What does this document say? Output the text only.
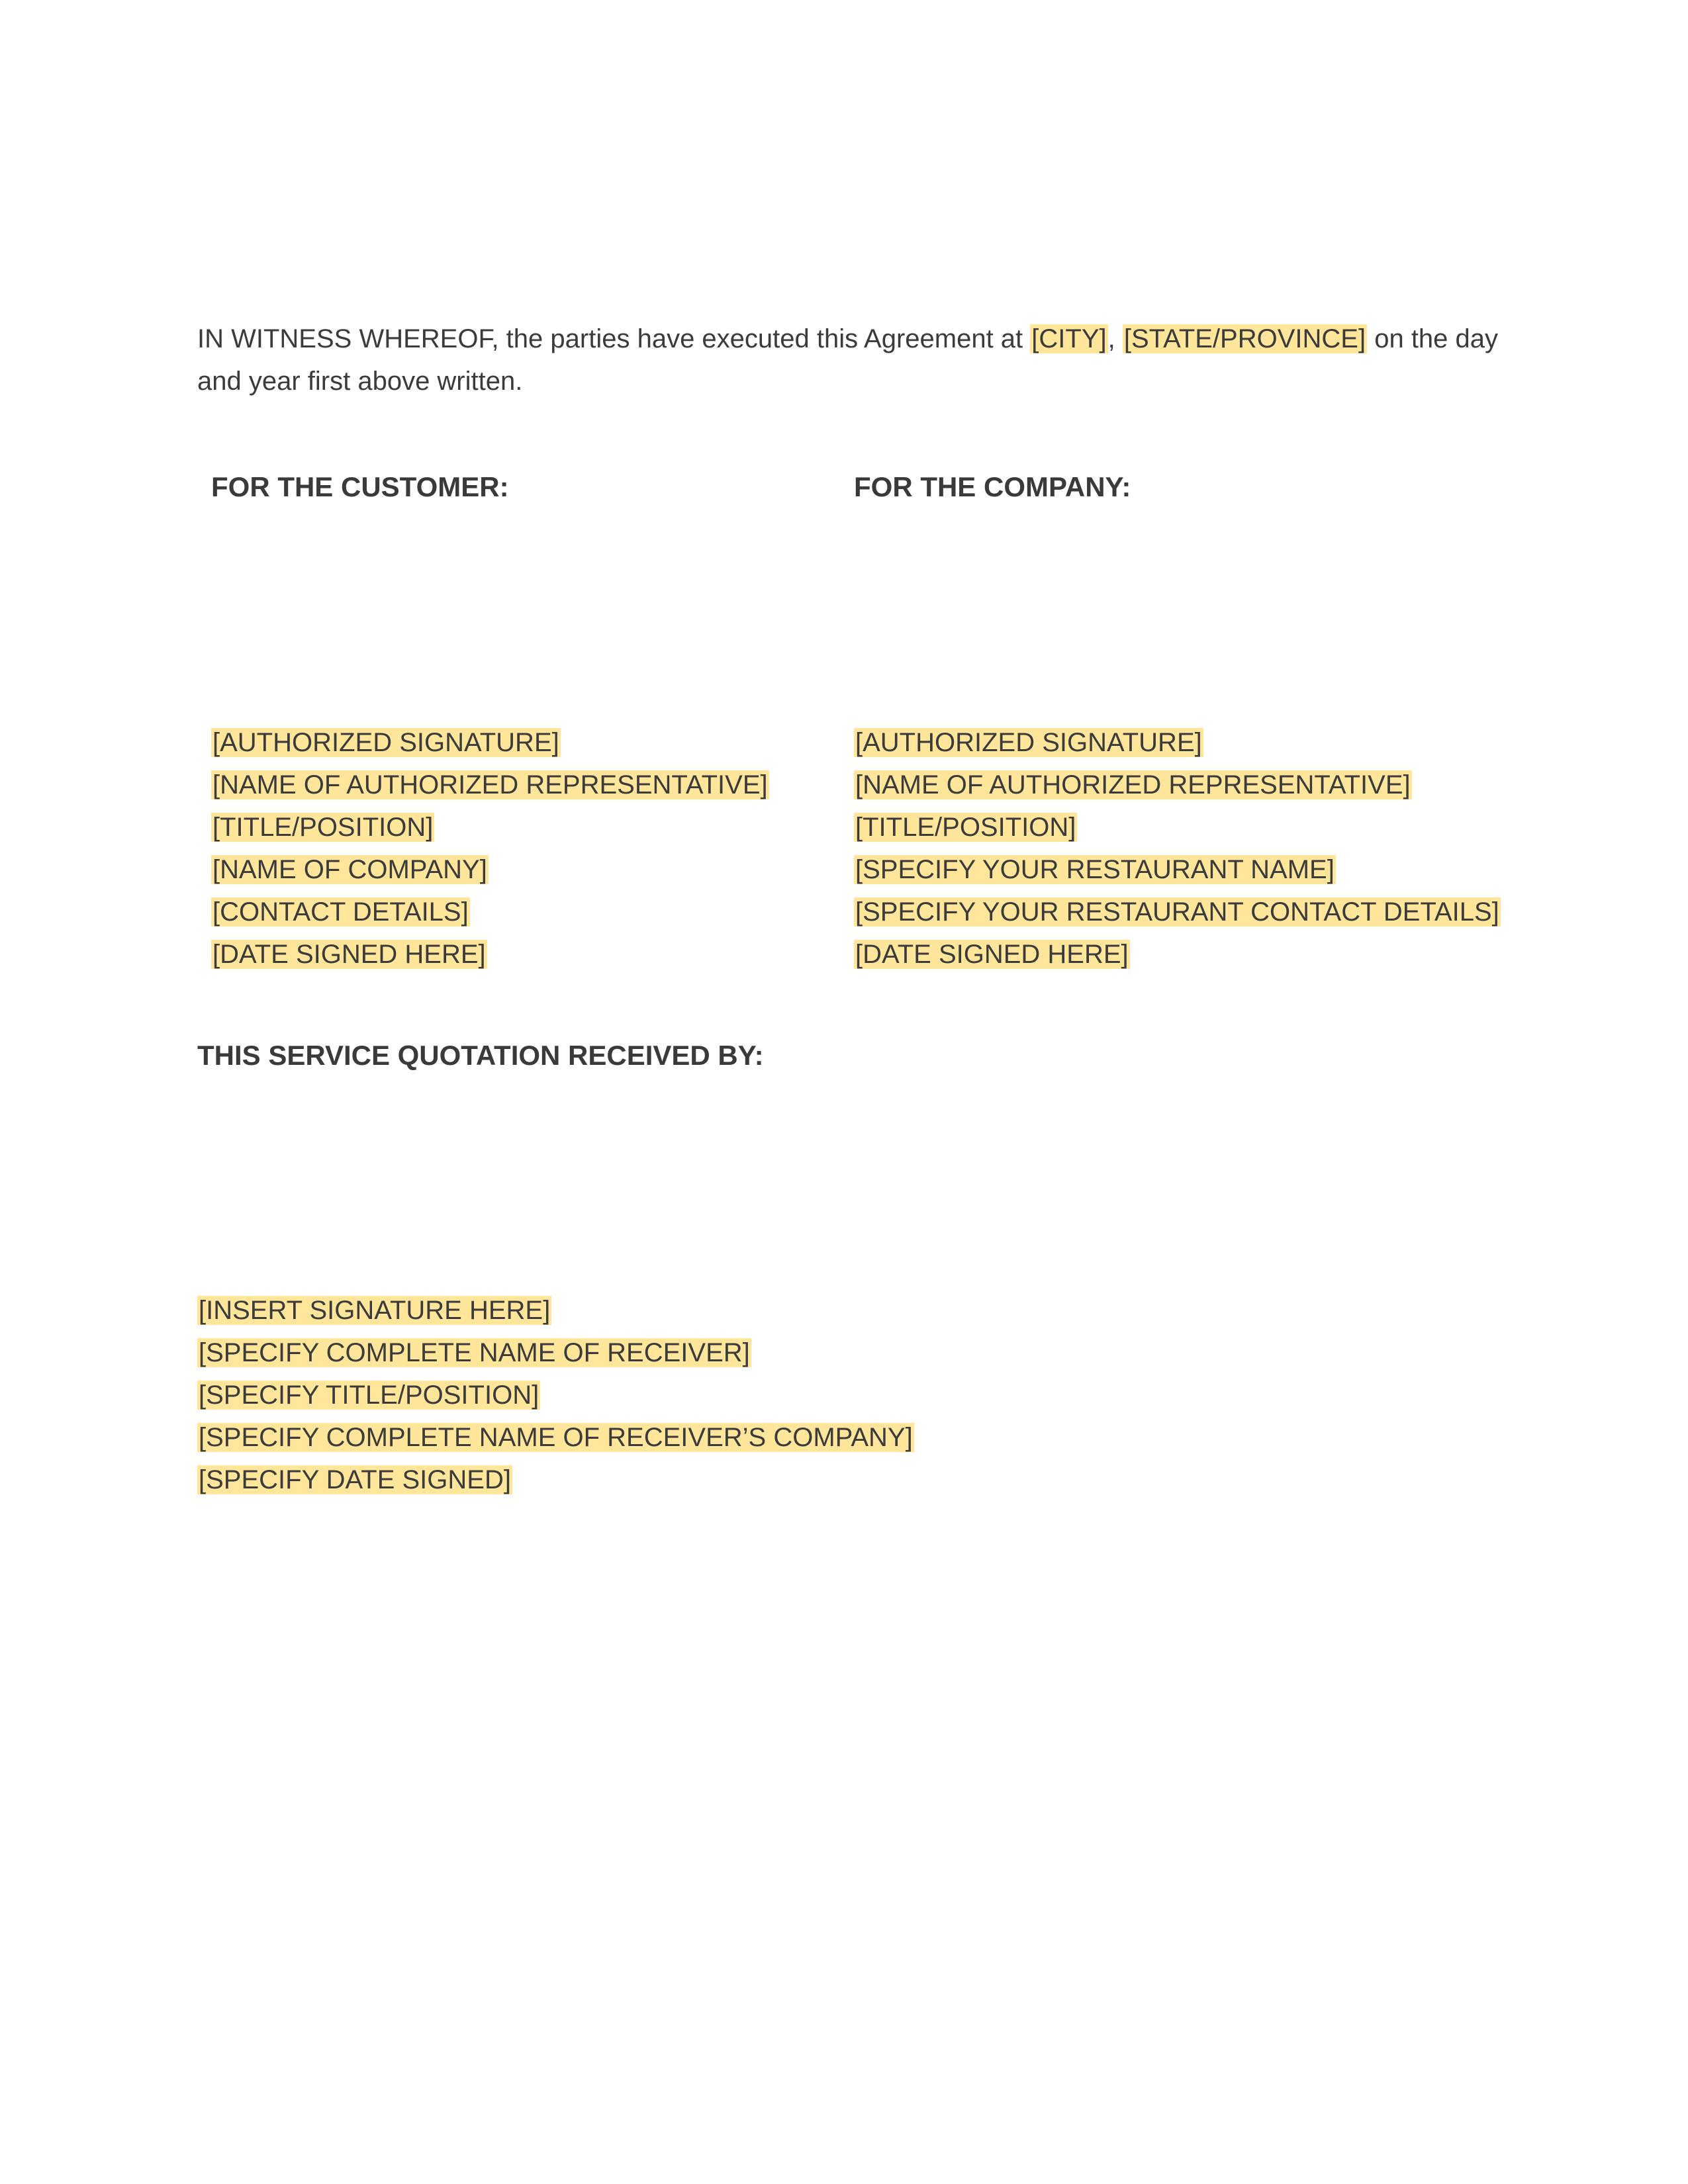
IN WITNESS WHEREOF, the parties have executed this Agreement at [CITY], [STATE/PROVINCE] on the day and year first above written.

FOR THE CUSTOMER:	FOR THE COMPANY:
[AUTHORIZED SIGNATURE]
[NAME OF AUTHORIZED REPRESENTATIVE]
[TITLE/POSITION]
[NAME OF COMPANY]
[CONTACT DETAILS]
[DATE SIGNED HERE]
[AUTHORIZED SIGNATURE]
[NAME OF AUTHORIZED REPRESENTATIVE]
[TITLE/POSITION]
[SPECIFY YOUR RESTAURANT NAME]
[SPECIFY YOUR RESTAURANT CONTACT DETAILS]
[DATE SIGNED HERE]
THIS SERVICE QUOTATION RECEIVED BY:
[INSERT SIGNATURE HERE]
[SPECIFY COMPLETE NAME OF RECEIVER]
[SPECIFY TITLE/POSITION]
[SPECIFY COMPLETE NAME OF RECEIVER’S COMPANY]
[SPECIFY DATE SIGNED]
